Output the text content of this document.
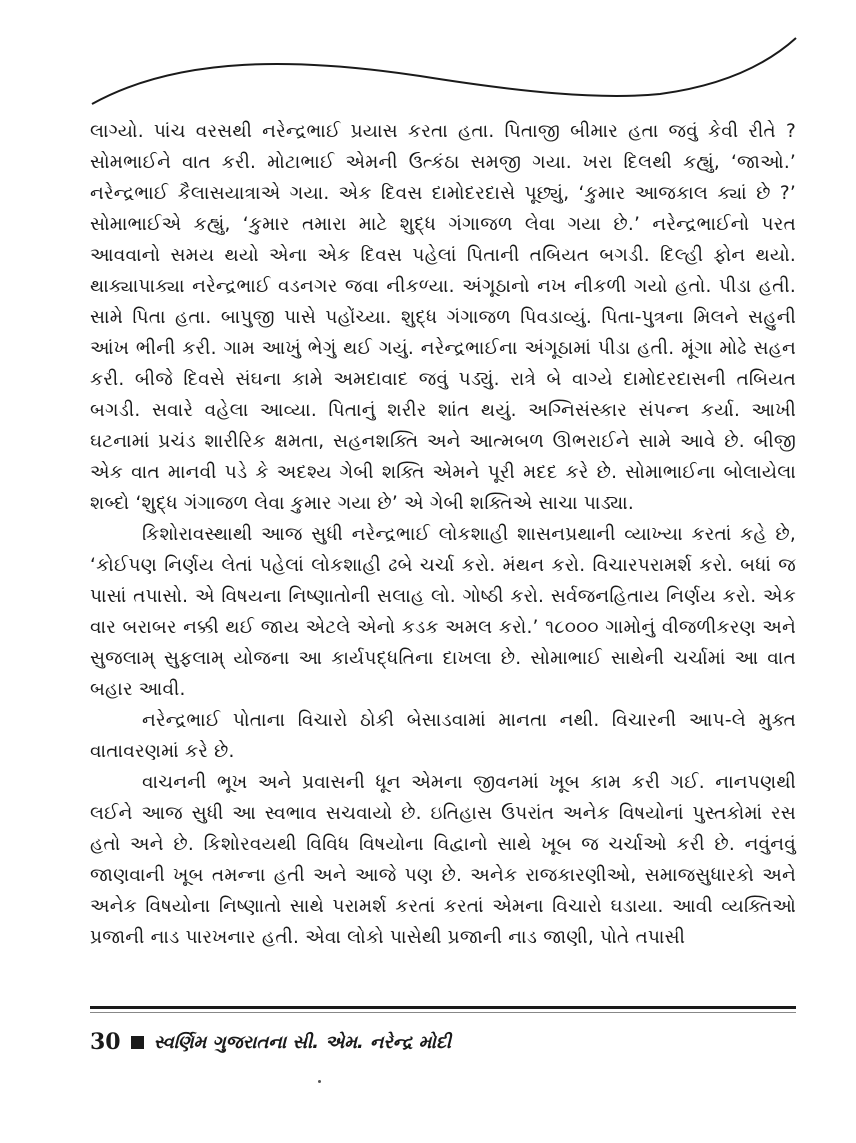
લાગ્યો. પાંચ વરસથી નરેન્દ્રભાઈ પ્રયાસ કરતા હતા. પિતાજી બીમાર હતા જવું કેવી રીતે ? સોમભાઈને વાત કરી. મોટાભાઈ એમની ઉત્કંઠા સમજી ગયા. ખરા દિલથી કહ્યું, ‘જાઓ.’ નરેન્દ્રભાઈ કૈલાસયાત્રાએ ગયા. એક દિવસ દામોદરદાસે પૂછ્યું, ‘કુમાર આજકાલ ક્યાં છે ?’ સોમાભાઈએ કહ્યું, ‘કુમાર તમારા માટે શુદ્ધ ગંગાજળ લેવા ગયા છે.’ નરેન્દ્રભાઈનો પરત આવવાનો સમય થયો એના એક દિવસ પહેલાં પિતાની તબિયત બગડી. દિલ્હી ફોન થયો. થાક્યાપાક્યા નરેન્દ્રભાઈ વડનગર જવા નીકળ્યા. અંગૂઠાનો નખ નીકળી ગયો હતો. પીડા હતી. સામે પિતા હતા. બાપુજી પાસે પહોંચ્યા. શુદ્ધ ગંગાજળ પિવડાવ્યું. પિતા-પુત્રના મિલને સહુની આંખ ભીની કરી. ગામ આખું ભેગું થઈ ગયું. નરેન્દ્રભાઈના અંગૂઠામાં પીડા હતી. મૂંગા મોઢે સહન કરી. બીજે દિવસે સંઘના કામે અમદાવાદ જવું પડ્યું. રાત્રે બે વાગ્યે દામોદરદાસની તબિયત બગડી. સવારે વહેલા આવ્યા. પિતાનું શરીર શાંત થયું. અગ્નિસંસ્કાર સંપન્ન કર્યા. આખી ઘટનામાં પ્રચંડ શારીરિક ક્ષમતા, સહનશક્તિ અને આત્મબળ ઊભરાઈને સામે આવે છે. બીજી એક વાત માનવી પડે કે અદશ્ય ગેબી શક્તિ એમને પૂરી મદદ કરે છે. સોમાભાઈના બોલાયેલા શબ્દો ‘શુદ્ધ ગંગાજળ લેવા કુમાર ગયા છે’ એ ગેબી શક્તિએ સાચા પાડ્યા.

કિશોરાવસ્થાથી આજ સુધી નરેન્દ્રભાઈ લોકશાહી શાસનપ્રથાની વ્યાખ્યા કરતાં કહે છે, ‘કોઈપણ નિર્ણય લેતાં પહેલાં લોકશાહી ઢબે ચર્ચા કરો. મંથન કરો. વિચારપરામર્શ કરો. બધાં જ પાસાં તપાસો. એ વિષયના નિષ્ણાતોની સલાહ લો. ગોષ્ઠી કરો. સર્વજનહિતાય નિર્ણય કરો. એક વાર બરાબર નક્કી થઈ જાય એટલે એનો કડક અમલ કરો.’ ૧૮૦૦૦ ગામોનું વીજળીકરણ અને સુજલામ્ સુફલામ્ યોજના આ કાર્યપદ્ધતિના દાખલા છે. સોમાભાઈ સાથેની ચર્ચામાં આ વાત બહાર આવી.

નરેન્દ્રભાઈ પોતાના વિચારો ઠોકી બેસાડવામાં માનતા નથી. વિચારની આપ-લે મુક્ત વાતાવરણમાં કરે છે.

વાચનની ભૂખ અને પ્રવાસની ધૂન એમના જીવનમાં ખૂબ કામ કરી ગઈ. નાનપણથી લઈને આજ સુધી આ સ્વભાવ સચવાયો છે. ઇતિહાસ ઉપરાંત અનેક વિષયોનાં પુસ્તકોમાં રસ હતો અને છે. કિશોરવયથી વિવિધ વિષયોના વિદ્વાનો સાથે ખૂબ જ ચર્ચાઓ કરી છે. નવુંનવું જાણવાની ખૂબ તમન્ના હતી અને આજે પણ છે. અનેક રાજકારણીઓ, સમાજસુધારકો અને અનેક વિષયોના નિષ્ણાતો સાથે પરામર્શ કરતાં કરતાં એમના વિચારો ઘડાયા. આવી વ્યક્તિઓ પ્રજાની નાડ પારખનાર હતી. એવા લોકો પાસેથી પ્રજાની નાડ જાણી, પોતે તપાસી

30 સ્વર્ણિમ ગુજરાતના સી. એમ. નરેન્દ્ર મોદી
